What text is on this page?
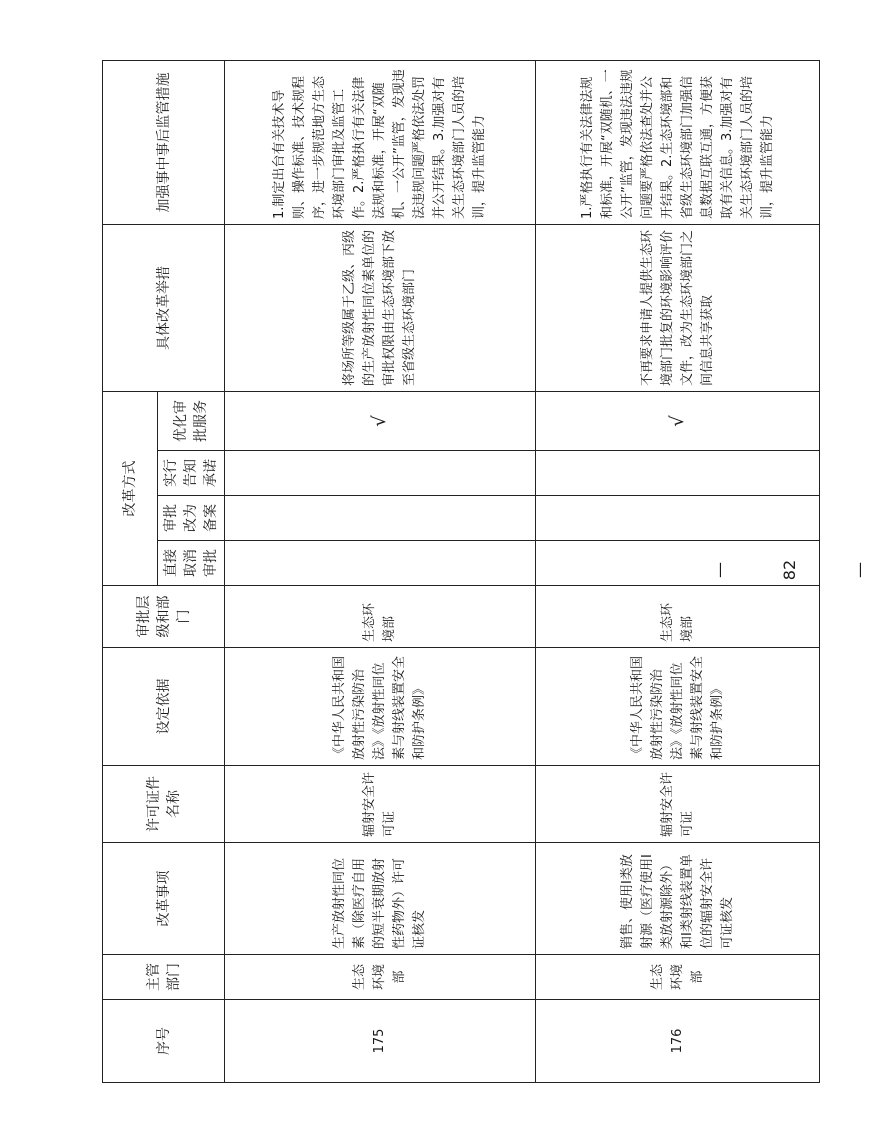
序号	主管部门	改革事项	许可证件名称	设定依据	审批层级和部门	改革方式				具体改革举措	加强事中事后监管措施
						直接取消审批	审批改为备案	实行告知承诺	优化审批服务		
175	生态环境部	生产放射性同位素（除医疗自用的短半衰期放射性药物外）许可证核发	辐射安全许可证	《中华人民共和国放射性污染防治法》《放射性同位素与射线装置安全和防护条例》	生态环境部				√	将场所等级属于乙级、丙级的生产放射性同位素单位的审批权限由生态环境部下放至省级生态环境部门	1.制定出台有关技术导则、操作标准、技术规程序，进一步规范地方生态环境部门审批及监管工作。2.严格执行有关法律法规和标准，开展“双随机、一公开”监管，发现违法违规问题严格依法处罚并公开结果。3.加强对有关生态环境部门人员的培训，提升监管能力
176	生态环境部	销售、使用Ⅰ类放射源（医疗使用Ⅰ类放射源除外）和Ⅰ类射线装置单位的辐射安全许可证核发	辐射安全许可证	《中华人民共和国放射性污染防治法》《放射性同位素与射线装置安全和防护条例》	生态环境部				√	不再要求申请人提供生态环境部门批复的环境影响评价文件，改为生态环境部门之间信息共享获取	1.严格执行有关法律法规和标准，开展“双随机、一公开”监管，发现违法违规问题要严格依法查处并公开结果。2.生态环境部和省级生态环境部门加强信息数据互联互通，方便获取有关信息。3.加强对有关生态环境部门人员的培训，提升监管能力
— 82 —
